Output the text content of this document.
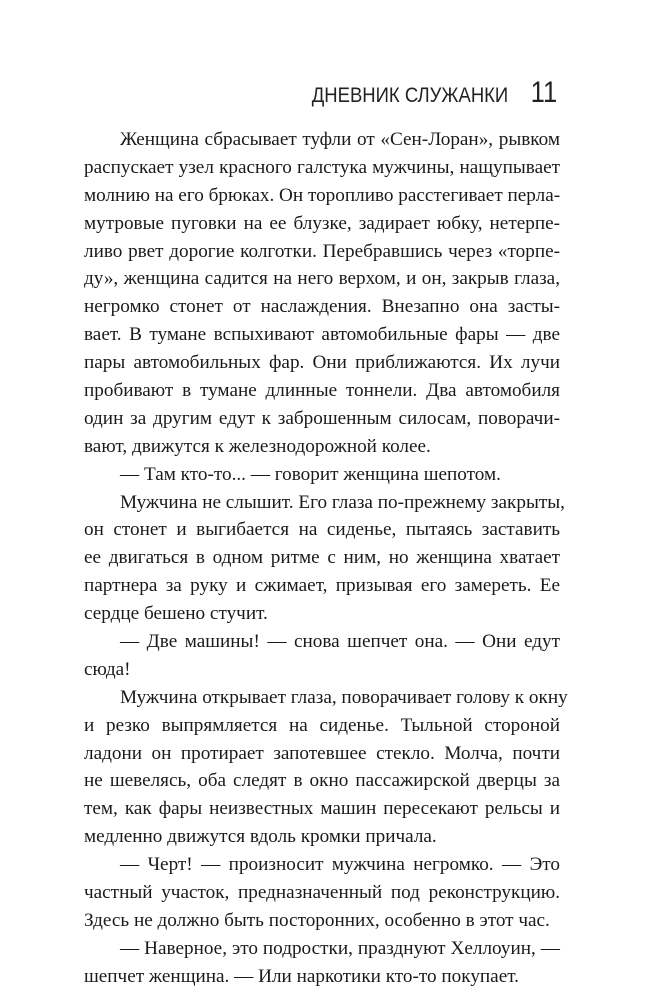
ДНЕВНИК СЛУЖАНКИ 11
Женщина сбрасывает туфли от «Сен-Лоран», рывком
распускает узел красного галстука мужчины, нащупывает
молнию на его брюках. Он торопливо расстегивает перла-
мутровые пуговки на ее блузке, задирает юбку, нетерпе-
ливо рвет дорогие колготки. Перебравшись через «торпе-
ду», женщина садится на него верхом, и он, закрыв глаза,
негромко стонет от наслаждения. Внезапно она засты-
вает. В тумане вспыхивают автомобильные фары — две
пары автомобильных фар. Они приближаются. Их лучи
пробивают в тумане длинные тоннели. Два автомобиля
один за другим едут к заброшенным силосам, поворачи-
вают, движутся к железнодорожной колее.
— Там кто-то... — говорит женщина шепотом.
Мужчина не слышит. Его глаза по-прежнему закрыты,
он стонет и выгибается на сиденье, пытаясь заставить
ее двигаться в одном ритме с ним, но женщина хватает
партнера за руку и сжимает, призывая его замереть. Ее
сердце бешено стучит.
— Две машины! — снова шепчет она. — Они едут
сюда!
Мужчина открывает глаза, поворачивает голову к окну
и резко выпрямляется на сиденье. Тыльной стороной
ладони он протирает запотевшее стекло. Молча, почти
не шевелясь, оба следят в окно пассажирской дверцы за
тем, как фары неизвестных машин пересекают рельсы и
медленно движутся вдоль кромки причала.
— Черт! — произносит мужчина негромко. — Это
частный участок, предназначенный под реконструкцию.
Здесь не должно быть посторонних, особенно в этот час.
— Наверное, это подростки, празднуют Хеллоуин, —
шепчет женщина. — Или наркотики кто-то покупает.
